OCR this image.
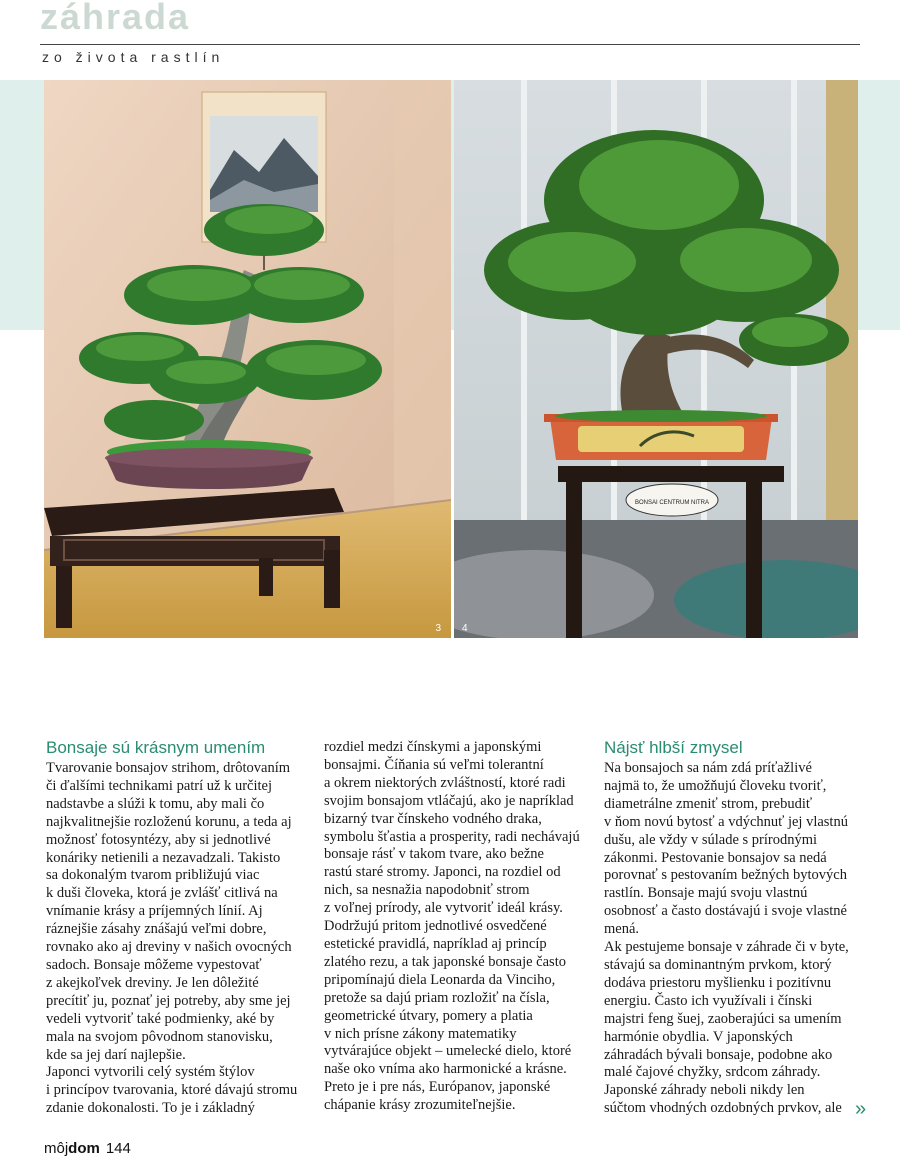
záhrada
zo života rastlín
3
BONSAI CENTRUM NITRA
4
Bonsaje sú krásnym umením
Tvarovanie bonsajov strihom, drôtovaním
či ďalšími technikami patrí už k určitej
nadstavbe a slúži k tomu, aby mali čo
najkvalitnejšie rozloženú korunu, a teda aj
možnosť fotosyntézy, aby si jednotlivé
konáriky netienili a nezavadzali. Takisto
sa dokonalým tvarom približujú viac
k duši človeka, ktorá je zvlášť citlivá na
vnímanie krásy a príjemných línií. Aj
ráznejšie zásahy znášajú veľmi dobre,
rovnako ako aj dreviny v našich ovocných
sadoch. Bonsaje môžeme vypestovať
z akejkoľvek dreviny. Je len dôležité
precítiť ju, poznať jej potreby, aby sme jej
vedeli vytvoriť také podmienky, aké by
mala na svojom pôvodnom stanovisku,
kde sa jej darí najlepšie.
Japonci vytvorili celý systém štýlov
i princípov tvarovania, ktoré dávajú stromu
zdanie dokonalosti. To je i základný
rozdiel medzi čínskymi a japonskými
bonsajmi. Číňania sú veľmi tolerantní
a okrem niektorých zvláštností, ktoré radi
svojim bonsajom vtláčajú, ako je napríklad
bizarný tvar čínskeho vodného draka,
symbolu šťastia a prosperity, radi nechávajú
bonsaje rásť v takom tvare, ako bežne
rastú staré stromy. Japonci, na rozdiel od
nich, sa nesnažia napodobniť strom
z voľnej prírody, ale vytvoriť ideál krásy.
Dodržujú pritom jednotlivé osvedčené
estetické pravidlá, napríklad aj princíp
zlatého rezu, a tak japonské bonsaje často
pripomínajú diela Leonarda da Vinciho,
pretože sa dajú priam rozložiť na čísla,
geometrické útvary, pomery a platia
v nich prísne zákony matematiky
vytvárajúce objekt – umelecké dielo, ktoré
naše oko vníma ako harmonické a krásne.
Preto je i pre nás, Európanov, japonské
chápanie krásy zrozumiteľnejšie.
Nájsť hlbší zmysel
Na bonsajoch sa nám zdá príťažlivé
najmä to, že umožňujú človeku tvoriť,
diametrálne zmeniť strom, prebudiť
v ňom novú bytosť a vdýchnuť jej vlastnú
dušu, ale vždy v súlade s prírodnými
zákonmi. Pestovanie bonsajov sa nedá
porovnať s pestovaním bežných bytových
rastlín. Bonsaje majú svoju vlastnú
osobnosť a často dostávajú i svoje vlastné
mená.
Ak pestujeme bonsaje v záhrade či v byte,
stávajú sa dominantným prvkom, ktorý
dodáva priestoru myšlienku i pozitívnu
energiu. Často ich využívali i čínski
majstri feng šuej, zaoberajúci sa umením
harmónie obydlia. V japonských
záhradách bývali bonsaje, podobne ako
malé čajové chyžky, srdcom záhrady.
Japonské záhrady neboli nikdy len
súčtom vhodných ozdobných prvkov, ale »
môjdom 144
